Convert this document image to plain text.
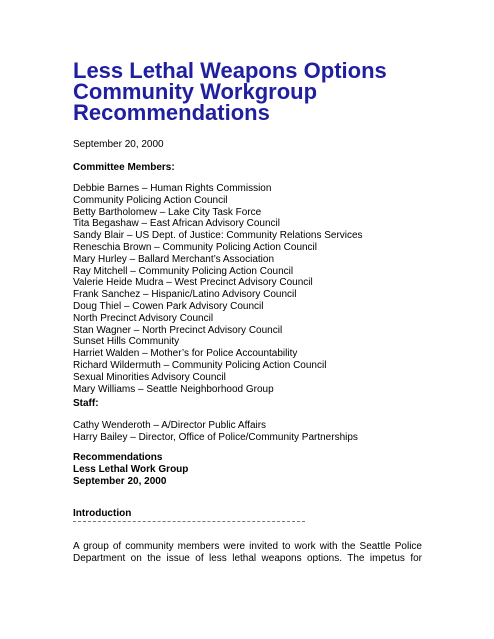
Less Lethal Weapons Options Community Workgroup Recommendations
September 20, 2000
Committee Members:
Debbie Barnes – Human Rights Commission
Community Policing Action Council
Betty Bartholomew – Lake City Task Force
Tita Begashaw – East African Advisory Council
Sandy Blair – US Dept. of Justice: Community Relations Services
Reneschia Brown – Community Policing Action Council
Mary Hurley – Ballard Merchant’s Association
Ray Mitchell – Community Policing Action Council
Valerie Heide Mudra – West Precinct Advisory Council
Frank Sanchez – Hispanic/Latino Advisory Council
Doug Thiel – Cowen Park Advisory Council
North Precinct Advisory Council
Stan Wagner – North Precinct Advisory Council
Sunset Hills Community
Harriet Walden – Mother’s for Police Accountability
Richard Wildermuth – Community Policing Action Council
Sexual Minorities Advisory Council
Mary Williams – Seattle Neighborhood Group
Staff:
Cathy Wenderoth – A/Director Public Affairs
Harry Bailey – Director, Office of Police/Community Partnerships
Recommendations
Less Lethal Work Group
September 20, 2000
Introduction
A group of community members were invited to work with the Seattle Police
Department on the issue of less lethal weapons options. The impetus for
